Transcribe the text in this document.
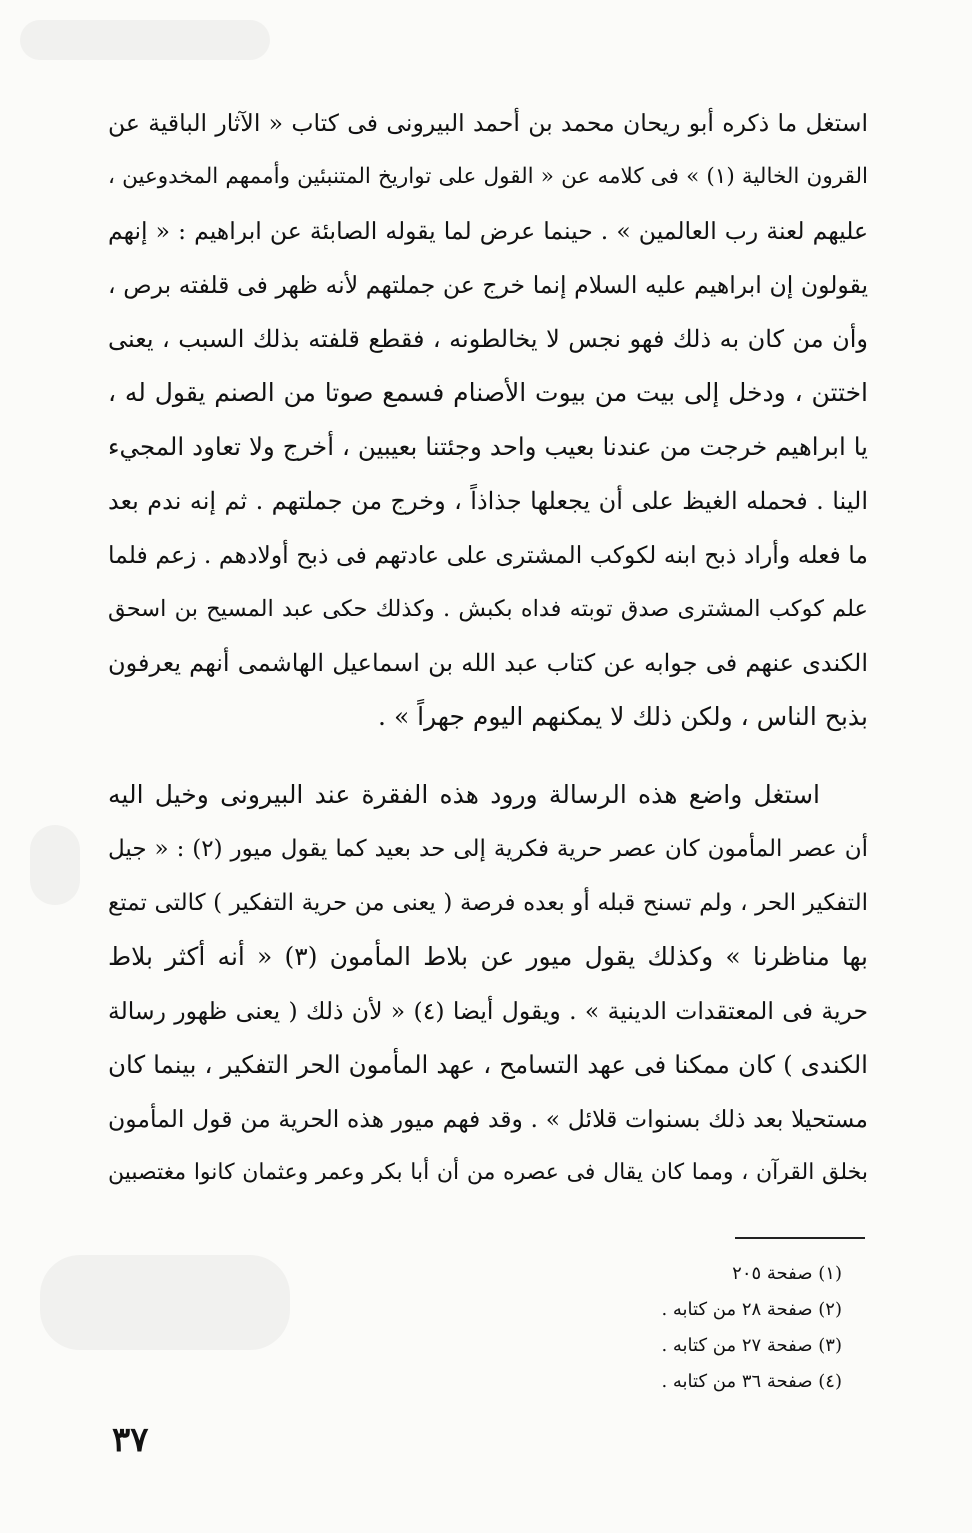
استغل ما ذكره أبو ريحان محمد بن أحمد البيرونى فى كتاب « الآثار الباقية عن
القرون الخالية (١) » فى كلامه عن « القول على تواريخ المتنبئين وأممهم المخدوعين ،
عليهم لعنة رب العالمين » . حينما عرض لما يقوله الصابئة عن ابراهيم : « إنهم
يقولون إن ابراهيم عليه السلام إنما خرج عن جملتهم لأنه ظهر فى قلفته برص ،
وأن من كان به ذلك فهو نجس لا يخالطونه ، فقطع قلفته بذلك السبب ، يعنى
اختتن ، ودخل إلى بيت من بيوت الأصنام فسمع صوتا من الصنم يقول له ،
يا ابراهيم خرجت من عندنا بعيب واحد وجئتنا بعيبين ، أخرج ولا تعاود المجيء
الينا . فحمله الغيظ على أن يجعلها جذاذاً ، وخرج من جملتهم . ثم إنه ندم بعد
ما فعله وأراد ذبح ابنه لكوكب المشترى على عادتهم فى ذبح أولادهم . زعم فلما
علم كوكب المشترى صدق توبته فداه بكبش . وكذلك حكى عبد المسيح بن اسحق
الكندى عنهم فى جوابه عن كتاب عبد الله بن اسماعيل الهاشمى أنهم يعرفون
بذبح الناس ، ولكن ذلك لا يمكنهم اليوم جهراً » .
استغل واضع هذه الرسالة ورود هذه الفقرة عند البيرونى وخيل اليه
أن عصر المأمون كان عصر حرية فكرية إلى حد بعيد كما يقول ميور (٢) : « جيل
التفكير الحر ، ولم تسنح قبله أو بعده فرصة ( يعنى من حرية التفكير ) كالتى تمتع
بها مناظرنا » وكذلك يقول ميور عن بلاط المأمون (٣) « أنه أكثر بلاط
حرية فى المعتقدات الدينية » . ويقول أيضا (٤) « لأن ذلك ( يعنى ظهور رسالة
الكندى ) كان ممكنا فى عهد التسامح ، عهد المأمون الحر التفكير ، بينما كان
مستحيلا بعد ذلك بسنوات قلائل » . وقد فهم ميور هذه الحرية من قول المأمون
بخلق القرآن ، ومما كان يقال فى عصره من أن أبا بكر وعمر وعثمان كانوا مغتصبين
(١) صفحة ٢٠٥
(٢) صفحة ٢٨ من كتابه .
(٣) صفحة ٢٧ من كتابه .
(٤) صفحة ٣٦ من كتابه .
٣٧
